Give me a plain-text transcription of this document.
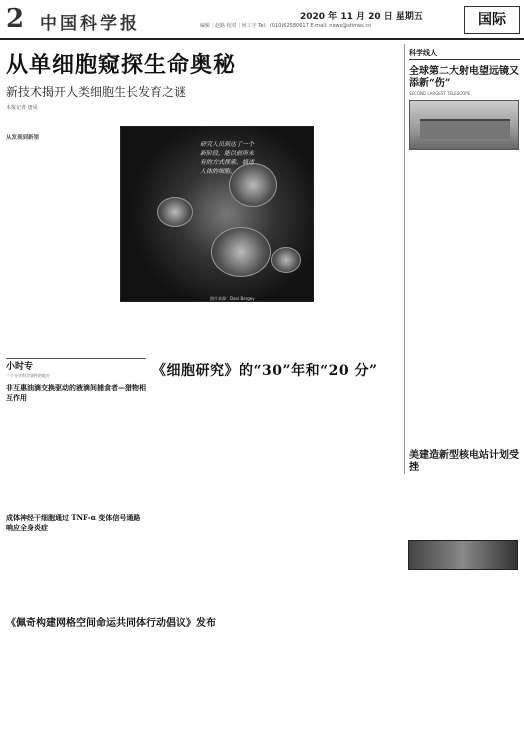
2 中国科学报	2020 年 11 月 20 日 星期五
编辑｜赵路 校对｜何工宇 Tel：(010)62580617 E-mail: news@stimes.cn	国际
从单细胞窥探生命奥秘
新技术揭开人类细胞生长发育之谜
本报记者 唐凤
从发现到新领
研究人员到达了一个新阶段，能以前所未有的方式探索、描述人体的细胞。
图片来源：Dani Bergey
小时专
一个分享科学事件的地方
非互惠油滴交换驱动的液滴间捕食者—猎物相互作用
成体神经干细胞通过 TNF-α 变体信号通路响应全身炎症
《细胞研究》的“30”年和“20 分”
《佩奇构建网格空间命运共同体行动倡议》发布
科学线人
全球第二大射电望远镜又添新“伤”
SECOND LARGEST TELESCOPE
美建造新型核电站计划受挫
